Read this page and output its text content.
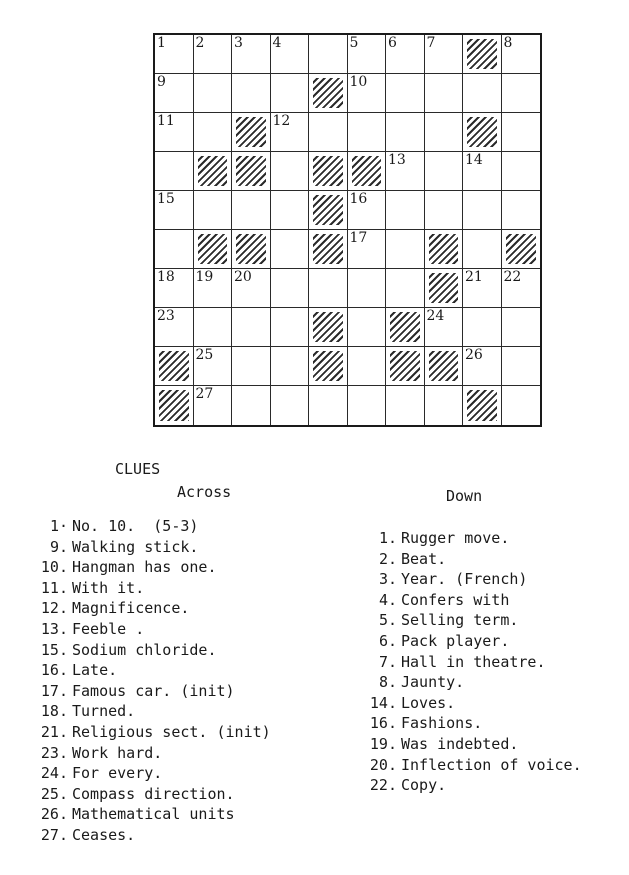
1 2 3 4	5 6 7	8
9	10
11	12
13	14
15	16
17
18 19 20	21 22
23	24
25	26
27
CLUES
Across	Down
1· No. 10.  (5-3)
9. Walking stick.
10. Hangman has one.
11. With it.
12. Magnificence.
13. Feeble .
15. Sodium chloride.
16. Late.
17. Famous car. (init)
18. Turned.
21. Religious sect. (init)
23. Work hard.
24. For every.
25. Compass direction.
26. Mathematical units
27. Ceases.
1. Rugger move.
2. Beat.
3. Year. (French)
4. Confers with
5. Selling term.
6. Pack player.
7. Hall in theatre.
8. Jaunty.
14. Loves.
16. Fashions.
19. Was indebted.
20. Inflection of voice.
22. Copy.
